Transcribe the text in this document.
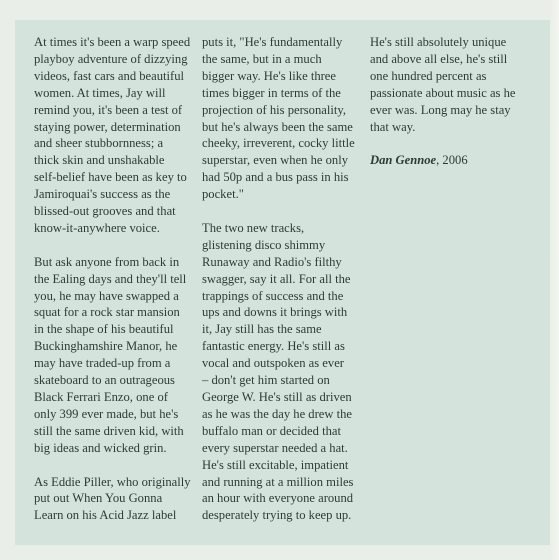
At times it's been a warp speed
playboy adventure of dizzying
videos, fast cars and beautiful
women. At times, Jay will
remind you, it's been a test of
staying power, determination
and sheer stubbornness; a
thick skin and unshakable
self-belief have been as key to
Jamiroquai's success as the
blissed-out grooves and that
know-it-anywhere voice.

But ask anyone from back in
the Ealing days and they'll tell
you, he may have swapped a
squat for a rock star mansion
in the shape of his beautiful
Buckinghamshire Manor, he
may have traded-up from a
skateboard to an outrageous
Black Ferrari Enzo, one of
only 399 ever made, but he's
still the same driven kid, with
big ideas and wicked grin.

As Eddie Piller, who originally
put out When You Gonna
Learn on his Acid Jazz label

puts it, "He's fundamentally
the same, but in a much
bigger way. He's like three
times bigger in terms of the
projection of his personality,
but he's always been the same
cheeky, irreverent, cocky little
superstar, even when he only
had 50p and a bus pass in his
pocket."

The two new tracks,
glistening disco shimmy
Runaway and Radio's filthy
swagger, say it all. For all the
trappings of success and the
ups and downs it brings with
it, Jay still has the same
fantastic energy. He's still as
vocal and outspoken as ever
– don't get him started on
George W. He's still as driven
as he was the day he drew the
buffalo man or decided that
every superstar needed a hat.
He's still excitable, impatient
and running at a million miles
an hour with everyone around
desperately trying to keep up.

He's still absolutely unique
and above all else, he's still
one hundred percent as
passionate about music as he
ever was. Long may he stay
that way.

Dan Gennoe, 2006
